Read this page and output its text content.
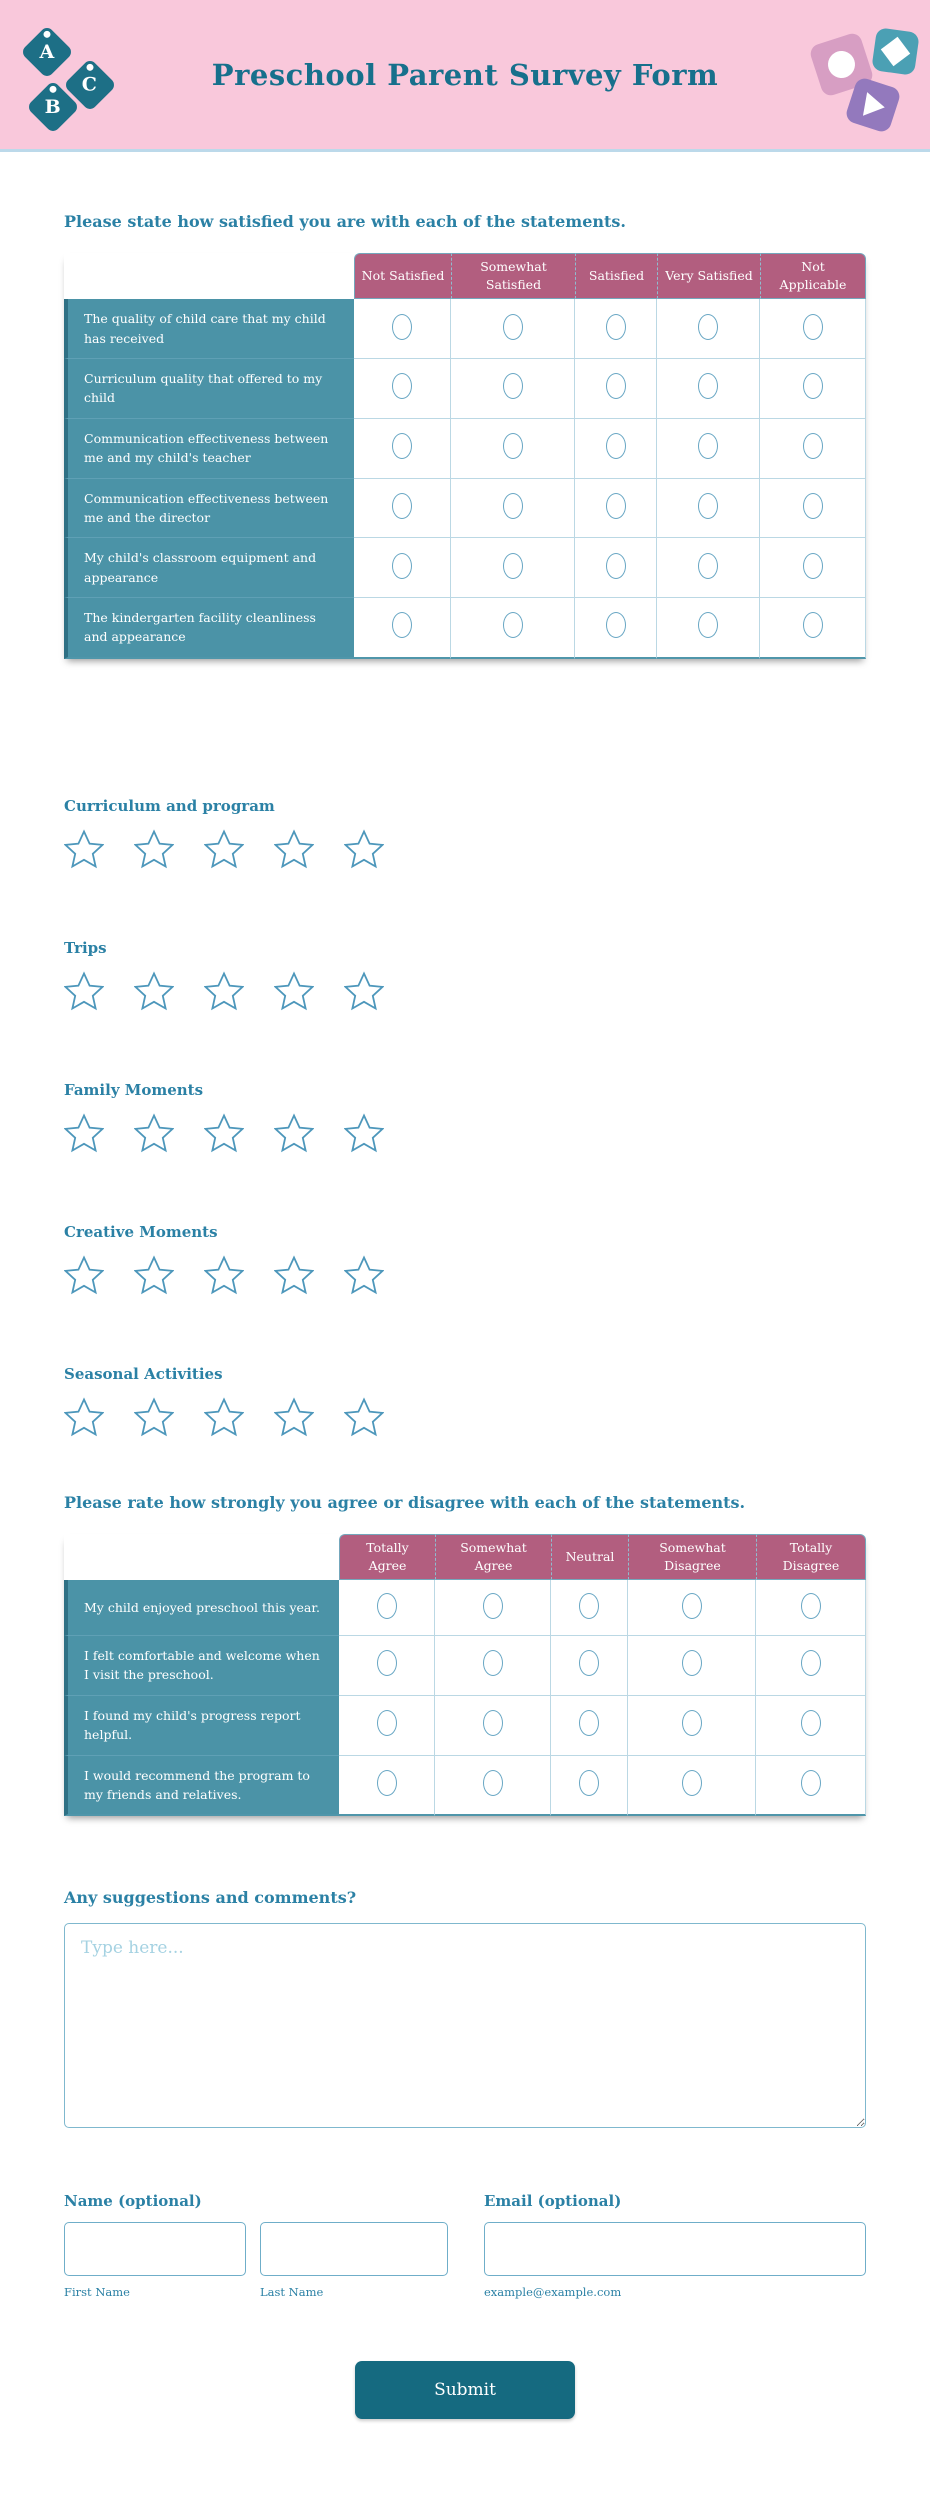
A
B
C	Preschool Parent Survey Form
Please state how satisfied you are with each of the statements.
	Not Satisfied	Somewhat Satisfied	Satisfied	Very Satisfied	Not Applicable
The quality of child care that my child has received					
Curriculum quality that offered to my child					
Communication effectiveness between me and my child's teacher					
Communication effectiveness between me and the director					
My child's classroom equipment and appearance					
The kindergarten facility cleanliness and appearance					
Curriculum and program
Trips
Family Moments
Creative Moments
Seasonal Activities
Please rate how strongly you agree or disagree with each of the statements.
	Totally Agree	Somewhat Agree	Neutral	Somewhat Disagree	Totally Disagree
My child enjoyed preschool this year.					
I felt comfortable and welcome when I visit the preschool.					
I found my child's progress report helpful.					
I would recommend the program to my friends and relatives.					
Any suggestions and comments?
Type here...
Name (optional)
First Name	Last Name
Email (optional)
example@example.com
Submit
